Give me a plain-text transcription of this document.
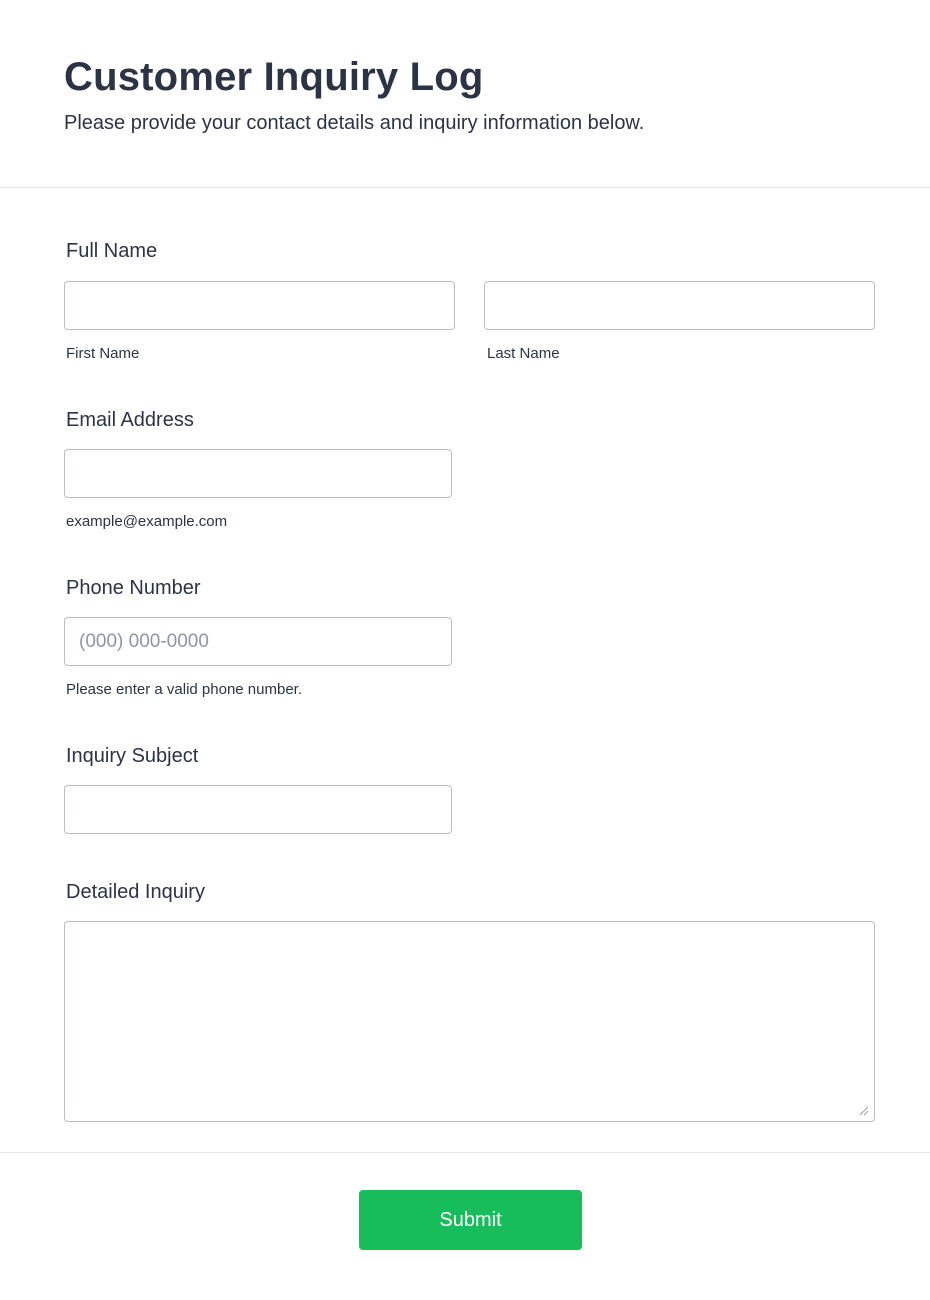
Customer Inquiry Log

Please provide your contact details and inquiry information below.

Full Name
First Name	Last Name
Email Address
example@example.com
Phone Number
(000) 000-0000
Please enter a valid phone number.
Inquiry Subject
Detailed Inquiry
Submit
